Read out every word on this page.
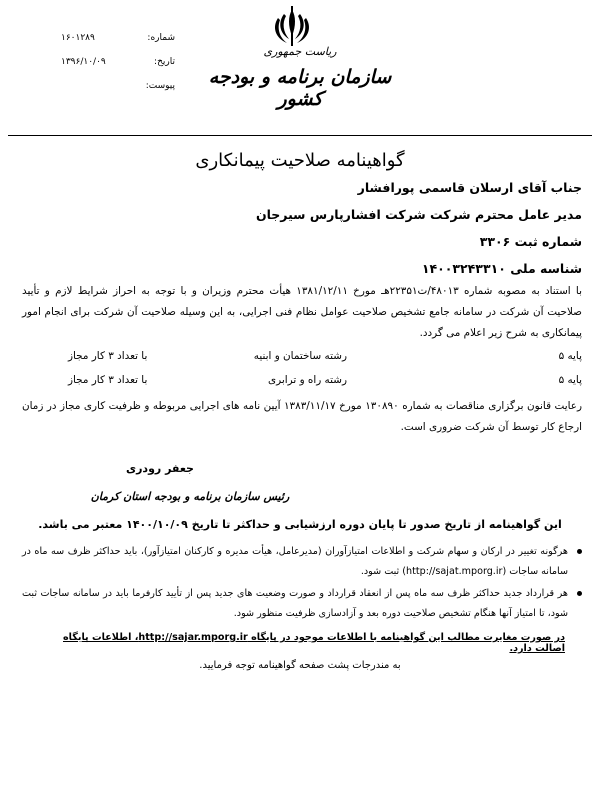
شماره:
۱۶۰۱۲۸۹
تاریخ:
۱۳۹۶/۱۰/۰۹
پیوست:
ریاست جمهوری
سازمان برنامه و بودجه کشور
گواهینامه صلاحیت پیمانکاری
جناب آقای ارسلان قاسمی پورافشار
مدیر عامل محترم شرکت شرکت افشارپارس سیرجان
شماره ثبت ۳۳۰۶
شناسه ملی ۱۴۰۰۳۲۴۳۳۱۰
با استناد به مصوبه شماره ۴۸۰۱۳/ت۲۲۳۵۱هـ مورخ ۱۳۸۱/۱۲/۱۱ هیأت محترم وزیران و با توجه به احراز شرایط لازم و تأیید صلاحیت آن شرکت در سامانه جامع تشخیص صلاحیت عوامل نظام فنی اجرایی، به این وسیله صلاحیت آن شرکت برای انجام امور پیمانکاری به شرح زیر اعلام می گردد.
پایه ۵
رشته ساختمان و ابنیه
با تعداد ۳ کار مجاز
پایه ۵
رشته راه و ترابری
با تعداد ۳ کار مجاز
رعایت قانون برگزاری مناقصات به شماره ۱۳۰۸۹۰ مورخ ۱۳۸۳/۱۱/۱۷ آیین نامه های اجرایی مربوطه و ظرفیت کاری مجاز در زمان ارجاع کار توسط آن شرکت ضروری است.
جعفر رودری
رئیس سازمان برنامه و بودجه استان کرمان
این گواهینامه از تاریخ صدور تا پایان دوره ارزشیابی و حداکثر تا تاریخ ۱۴۰۰/۱۰/۰۹ معتبر می باشد.
هرگونه تغییر در ارکان و سهام شرکت و اطلاعات امتیازآوران (مدیرعامل، هیأت مدیره و کارکنان امتیازآور)، باید حداکثر ظرف سه ماه در سامانه ساجات (http://sajat.mporg.ir) ثبت شود.
هر قرارداد جدید حداکثر ظرف سه ماه پس از انعقاد قرارداد و صورت وضعیت های جدید پس از تأیید کارفرما باید در سامانه ساجات ثبت شود، تا امتیاز آنها هنگام تشخیص صلاحیت دوره بعد و آزادسازی ظرفیت منظور شود.
در صورت مغایرت مطالب این گواهینامه با اطلاعات موجود در پایگاه http://sajar.mporg.ir، اطلاعات پایگاه اصالت دارد.
به مندرجات پشت صفحه گواهینامه توجه فرمایید.
